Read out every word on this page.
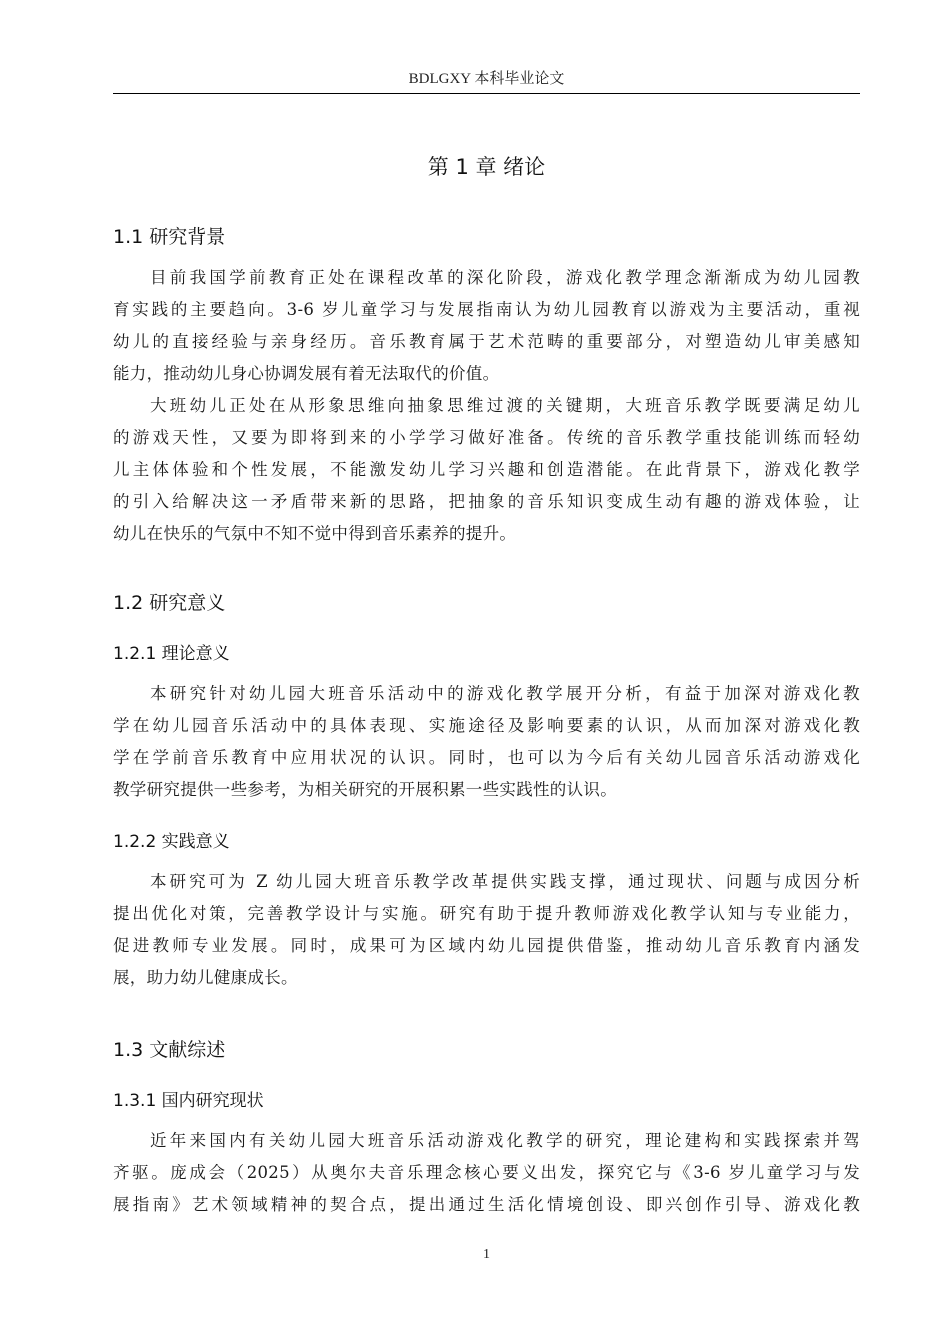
BDLGXY 本科毕业论文
第 1 章 绪论
1.1 研究背景
目前我国学前教育正处在课程改革的深化阶段，游戏化教学理念渐渐成为幼儿园教
育实践的主要趋向。3-6 岁儿童学习与发展指南认为幼儿园教育以游戏为主要活动，重视
幼儿的直接经验与亲身经历。音乐教育属于艺术范畴的重要部分，对塑造幼儿审美感知
能力，推动幼儿身心协调发展有着无法取代的价值。
大班幼儿正处在从形象思维向抽象思维过渡的关键期，大班音乐教学既要满足幼儿
的游戏天性，又要为即将到来的小学学习做好准备。传统的音乐教学重技能训练而轻幼
儿主体体验和个性发展，不能激发幼儿学习兴趣和创造潜能。在此背景下，游戏化教学
的引入给解决这一矛盾带来新的思路，把抽象的音乐知识变成生动有趣的游戏体验，让
幼儿在快乐的气氛中不知不觉中得到音乐素养的提升。
1.2 研究意义
1.2.1 理论意义
本研究针对幼儿园大班音乐活动中的游戏化教学展开分析，有益于加深对游戏化教
学在幼儿园音乐活动中的具体表现、实施途径及影响要素的认识，从而加深对游戏化教
学在学前音乐教育中应用状况的认识。同时，也可以为今后有关幼儿园音乐活动游戏化
教学研究提供一些参考，为相关研究的开展积累一些实践性的认识。
1.2.2 实践意义
本研究可为 Z 幼儿园大班音乐教学改革提供实践支撑，通过现状、问题与成因分析
提出优化对策，完善教学设计与实施。研究有助于提升教师游戏化教学认知与专业能力，
促进教师专业发展。同时，成果可为区域内幼儿园提供借鉴，推动幼儿音乐教育内涵发
展，助力幼儿健康成长。
1.3 文献综述
1.3.1 国内研究现状
近年来国内有关幼儿园大班音乐活动游戏化教学的研究，理论建构和实践探索并驾
齐驱。庞成会（2025）从奥尔夫音乐理念核心要义出发，探究它与《3-6 岁儿童学习与发
展指南》艺术领域精神的契合点，提出通过生活化情境创设、即兴创作引导、游戏化教
1
